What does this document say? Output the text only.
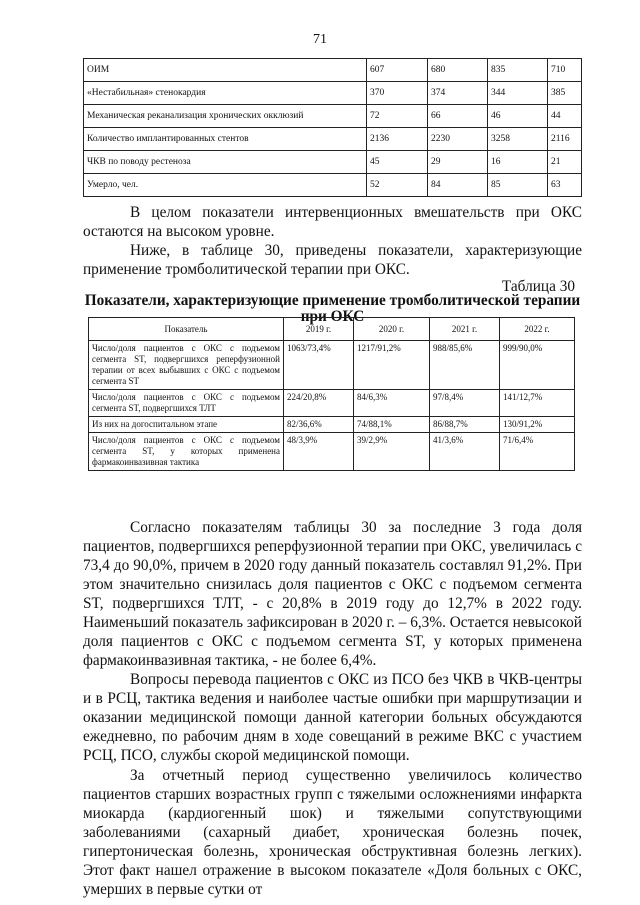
71
ОИМ	607	680	835	710
«Нестабильная» стенокардия	370	374	344	385
Механическая реканализация хронических окклюзий	72	66	46	44
Количество имплантированных стентов	2136	2230	3258	2116
ЧКВ по поводу рестеноза	45	29	16	21
Умерло, чел.	52	84	85	63
В целом показатели интервенционных вмешательств при ОКС остаются на высоком уровне.
Ниже, в таблице 30, приведены показатели, характеризующие применение тромболитической терапии при ОКС.
Таблица 30
Показатели, характеризующие применение тромболитической терапии при ОКС
Показатель	2019 г.	2020 г.	2021 г.	2022 г.
Число/доля пациентов с ОКС с подъемом сегмента ST, подвергшихся реперфузионной терапии от всех выбывших с ОКС с подъемом сегмента ST	1063/73,4%	1217/91,2%	988/85,6%	999/90,0%
Число/доля пациентов с ОКС с подъемом сегмента ST, подвергшихся ТЛТ	224/20,8%	84/6,3%	97/8,4%	141/12,7%
Из них на догоспитальном этапе	82/36,6%	74/88,1%	86/88,7%	130/91,2%
Число/доля пациентов с ОКС с подъемом сегмента ST, у которых применена фармакоинвазивная тактика	48/3,9%	39/2,9%	41/3,6%	71/6,4%
Согласно показателям таблицы 30 за последние 3 года доля пациентов, подвергшихся реперфузионной терапии при ОКС, увеличилась с 73,4 до 90,0%, причем в 2020 году данный показатель составлял 91,2%. При этом значительно снизилась доля пациентов с ОКС с подъемом сегмента ST, подвергшихся ТЛТ, - с 20,8% в 2019 году до 12,7% в 2022 году. Наименьший показатель зафиксирован в 2020 г. – 6,3%. Остается невысокой доля пациентов с ОКС с подъемом сегмента ST, у которых применена фармакоинвазивная тактика, - не более 6,4%.
Вопросы перевода пациентов с ОКС из ПСО без ЧКВ в ЧКВ-центры и в РСЦ, тактика ведения и наиболее частые ошибки при маршрутизации и оказании медицинской помощи данной категории больных обсуждаются ежедневно, по рабочим дням в ходе совещаний в режиме ВКС с участием РСЦ, ПСО, службы скорой медицинской помощи.
За отчетный период существенно увеличилось количество пациентов старших возрастных групп с тяжелыми осложнениями инфаркта миокарда (кардиогенный шок) и тяжелыми сопутствующими заболеваниями (сахарный диабет, хроническая болезнь почек, гипертоническая болезнь, хроническая обструктивная болезнь легких). Этот факт нашел отражение в высоком показателе «Доля больных с ОКС, умерших в первые сутки от
